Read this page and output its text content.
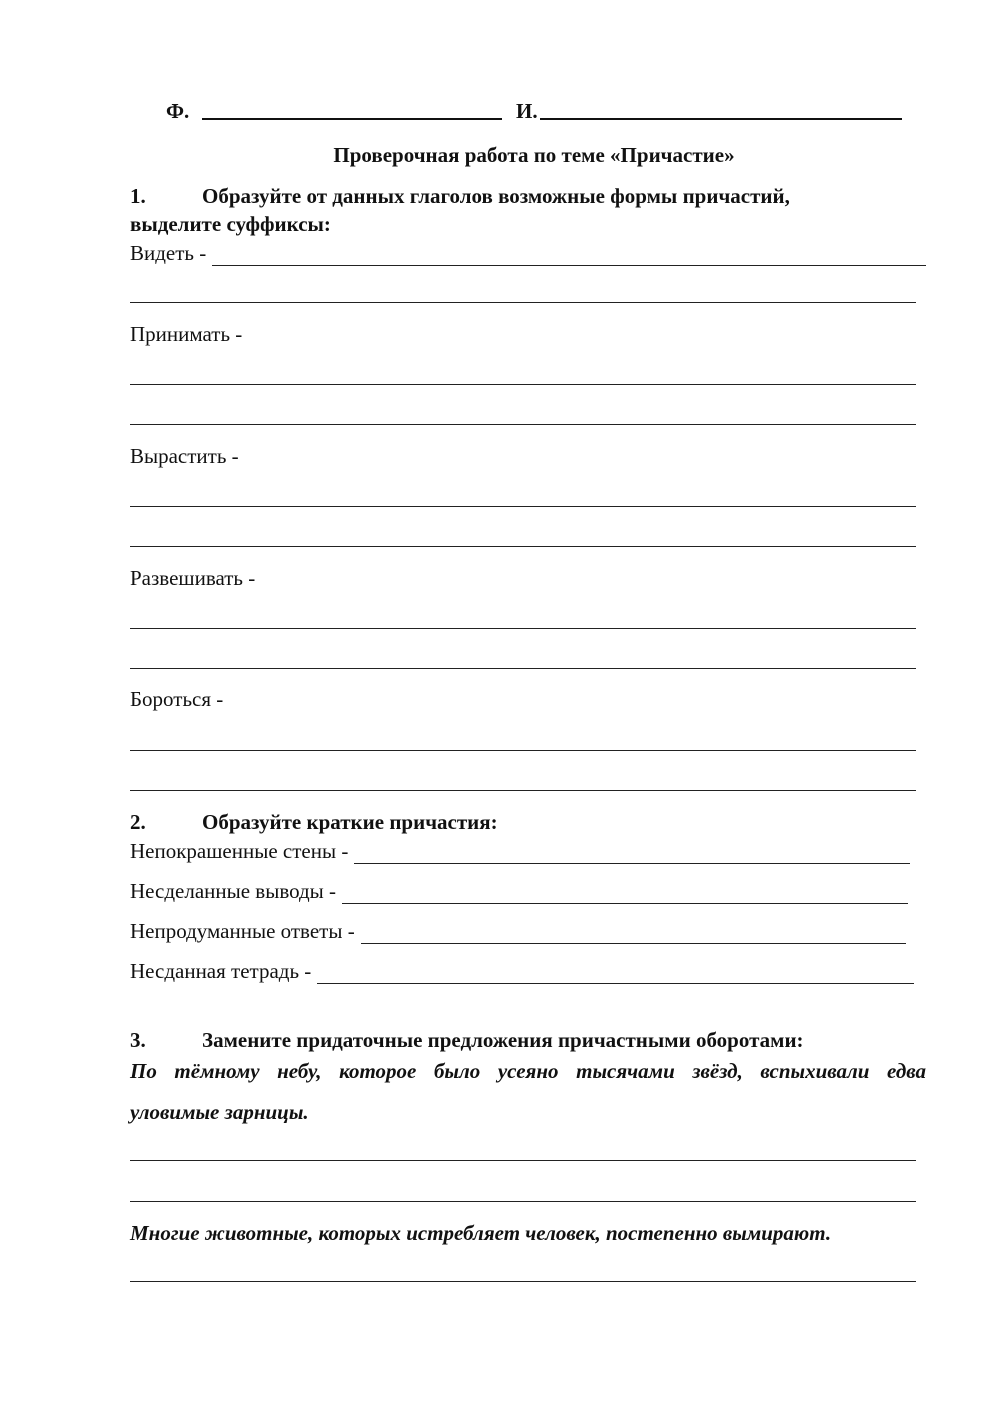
Ф.	И.
Проверочная работа по теме «Причастие»
1.	Образуйте от данных глаголов возможные формы причастий,
выделите суффиксы:
Видеть -
Принимать -
Вырастить -
Развешивать -
Бороться -
2.	Образуйте краткие причастия:
Непокрашенные стены -
Несделанные выводы -
Непродуманные ответы -
Несданная тетрадь -
3.	Замените придаточные предложения причастными оборотами:
По тёмному небу, которое было усеяно тысячами звёзд, вспыхивали едва
уловимые зарницы.
Многие животные, которых истребляет человек, постепенно вымирают.
